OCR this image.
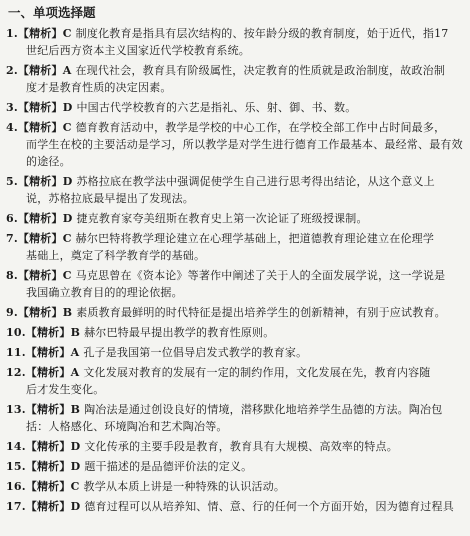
一、单项选择题
1.【精析】C 制度化教育是指具有层次结构的、按年龄分级的教育制度，始于近代，指17
世纪后西方资本主义国家近代学校教育系统。
2.【精析】A 在现代社会，教育具有阶级属性，决定教育的性质就是政治制度，故政治制
度才是教育性质的决定因素。
3.【精析】D 中国古代学校教育的六艺是指礼、乐、射、御、书、数。
4.【精析】C 德育教育活动中，教学是学校的中心工作，在学校全部工作中占时间最多，
而学生在校的主要活动是学习，所以教学是对学生进行德育工作最基本、最经常、最有效的途径。
5.【精析】D 苏格拉底在教学法中强调促使学生自己进行思考得出结论，从这个意义上
说，苏格拉底最早提出了发现法。
6.【精析】D 捷克教育家夸美纽斯在教育史上第一次论证了班级授课制。
7.【精析】C 赫尔巴特将教学理论建立在心理学基础上，把道德教育理论建立在伦理学
基础上，奠定了科学教育学的基础。
8.【精析】C 马克思曾在《资本论》等著作中阐述了关于人的全面发展学说，这一学说是
我国确立教育目的的理论依据。
9.【精析】B 素质教育最鲜明的时代特征是提出培养学生的创新精神，有别于应试教育。
10.【精析】B 赫尔巴特最早提出教学的教育性原则。
11.【精析】A 孔子是我国第一位倡导启发式教学的教育家。
12.【精析】A 文化发展对教育的发展有一定的制约作用，文化发展在先，教育内容随
后才发生变化。
13.【精析】B 陶冶法是通过创设良好的情境，潜移默化地培养学生品德的方法。陶冶包
括：人格感化、环境陶冶和艺术陶冶等。
14.【精析】D 文化传承的主要手段是教育，教育具有大规模、高效率的特点。
15.【精析】D 题干描述的是品德评价法的定义。
16.【精析】C 教学从本质上讲是一种特殊的认识活动。
17.【精析】D 德育过程可以从培养知、情、意、行的任何一个方面开始，因为德育过程具
